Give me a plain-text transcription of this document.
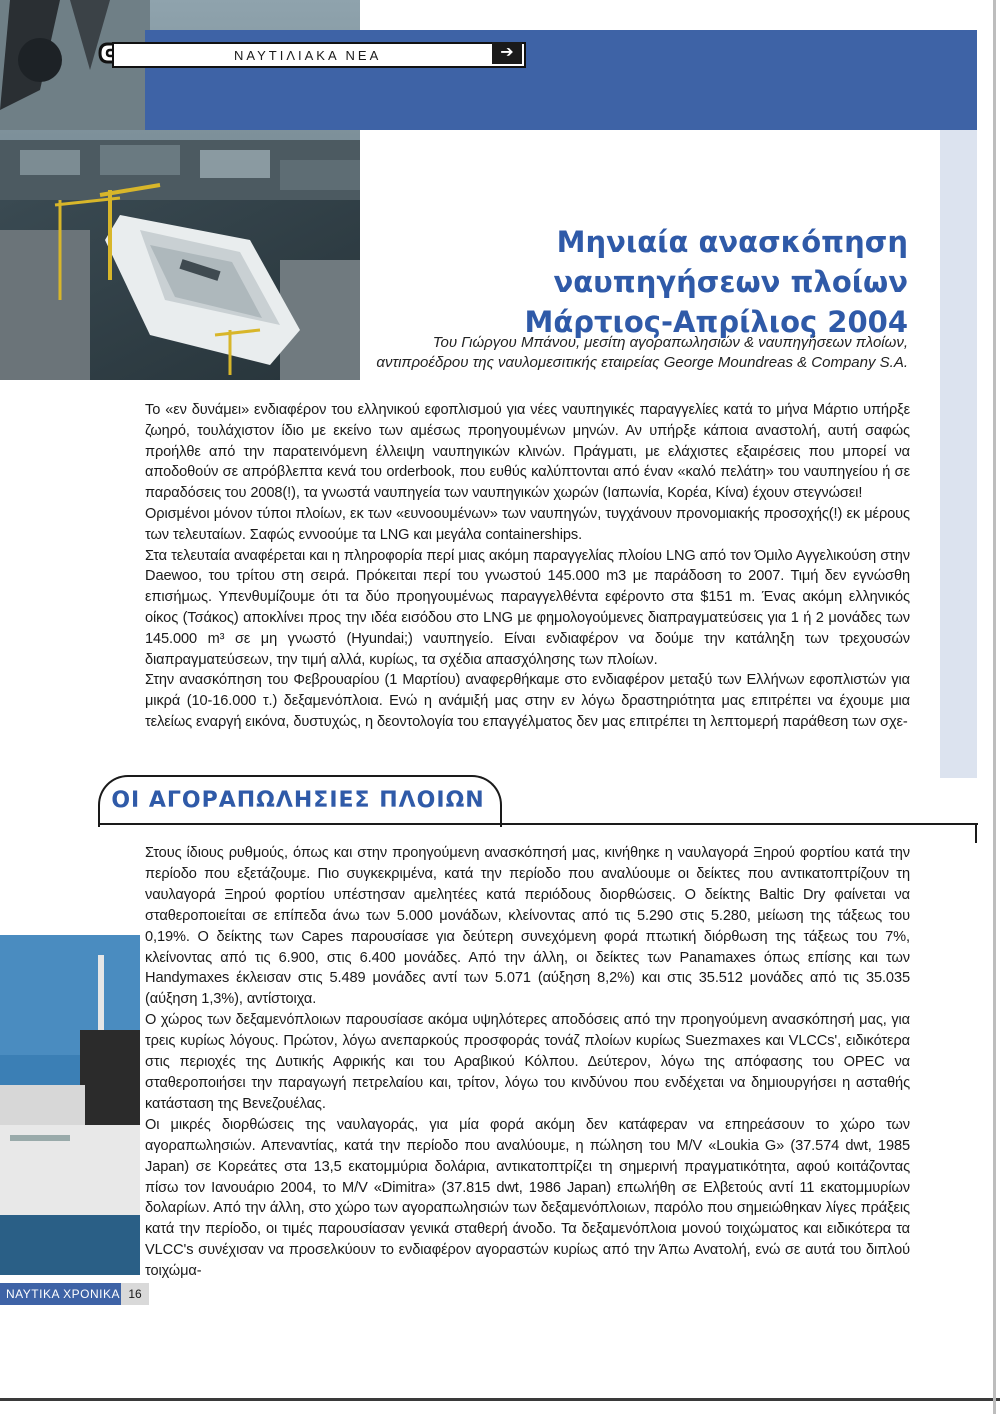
ΝΑΥΤΙΛΙΑΚΑ ΝΕΑ	➔
Μηνιαία ανασκόπηση ναυπηγήσεων πλοίων
Μάρτιος-Απρίλιος 2004
Του Γιώργου Μπάνου, μεσίτη αγοραπωλησιών & ναυπηγήσεων πλοίων,
αντιπροέδρου της ναυλομεσιτικής εταιρείας George Moundreas & Company S.A.

Το «εν δυνάμει» ενδιαφέρον του ελληνικού εφοπλισμού για νέες ναυπηγικές παραγγελίες κατά το μήνα Μάρτιο υπήρξε ζωηρό, τουλάχιστον ίδιο με εκείνο των αμέσως προηγουμένων μηνών. Αν υπήρξε κάποια αναστολή, αυτή σαφώς προήλθε από την παρατεινόμενη έλλειψη ναυπηγικών κλινών. Πράγματι, με ελάχιστες εξαιρέσεις που μπορεί να αποδοθούν σε απρόβλεπτα κενά του orderbook, που ευθύς καλύπτονται από έναν «καλό πελάτη» του ναυπηγείου ή σε παραδόσεις του 2008(!), τα γνωστά ναυπηγεία των ναυπηγικών χωρών (Ιαπωνία, Κορέα, Κίνα) έχουν στεγνώσει!

Ορισμένοι μόνον τύποι πλοίων, εκ των «ευνοουμένων» των ναυπηγών, τυγχάνουν προνομιακής προσοχής(!) εκ μέρους των τελευταίων. Σαφώς εννοούμε τα LNG και μεγάλα containerships.

Στα τελευταία αναφέρεται και η πληροφορία περί μιας ακόμη παραγγελίας πλοίου LNG από τον Όμιλο Αγγελικούση στην Daewoo, του τρίτου στη σειρά. Πρόκειται περί του γνωστού 145.000 m3 με παράδοση το 2007. Τιμή δεν εγνώσθη επισήμως. Υπενθυμίζουμε ότι τα δύο προηγουμένως παραγγελθέντα εφέροντο στα $151 m. Ένας ακόμη ελληνικός οίκος (Τσάκος) αποκλίνει προς την ιδέα εισόδου στο LNG με φημολογούμενες διαπραγματεύσεις για 1 ή 2 μονάδες των 145.000 m³ σε μη γνωστό (Hyundai;) ναυπηγείο. Είναι ενδιαφέρον να δούμε την κατάληξη των τρεχουσών διαπραγματεύσεων, την τιμή αλλά, κυρίως, τα σχέδια απασχόλησης των πλοίων.

Στην ανασκόπηση του Φεβρουαρίου (1 Μαρτίου) αναφερθήκαμε στο ενδιαφέρον μεταξύ των Ελλήνων εφοπλιστών για μικρά (10-16.000 τ.) δεξαμενόπλοια. Ενώ η ανάμιξή μας στην εν λόγω δραστηριότητα μας επιτρέπει να έχουμε μια τελείως εναργή εικόνα, δυστυχώς, η δεοντολογία του επαγγέλματος δεν μας επιτρέπει τη λεπτομερή παράθεση των σχε-

ΟΙ ΑΓΟΡΑΠΩΛΗΣΙΕΣ ΠΛΟΙΩΝ

Στους ίδιους ρυθμούς, όπως και στην προηγούμενη ανασκόπησή μας, κινήθηκε η ναυλαγορά Ξηρού φορτίου κατά την περίοδο που εξετάζουμε. Πιο συγκεκριμένα, κατά την περίοδο που αναλύουμε οι δείκτες που αντικατοπτρίζουν τη ναυλαγορά Ξηρού φορτίου υπέστησαν αμελητέες κατά περιόδους διορθώσεις. Ο δείκτης Baltic Dry φαίνεται να σταθεροποιείται σε επίπεδα άνω των 5.000 μονάδων, κλείνοντας από τις 5.290 στις 5.280, μείωση της τάξεως του 0,19%. Ο δείκτης των Capes παρουσίασε για δεύτερη συνεχόμενη φορά πτωτική διόρθωση της τάξεως του 7%, κλείνοντας από τις 6.900, στις 6.400 μονάδες. Από την άλλη, οι δείκτες των Panamaxes όπως επίσης και των Handymaxes έκλεισαν στις 5.489 μονάδες αντί των 5.071 (αύξηση 8,2%) και στις 35.512 μονάδες από τις 35.035 (αύξηση 1,3%), αντίστοιχα.

Ο χώρος των δεξαμενόπλοιων παρουσίασε ακόμα υψηλότερες αποδόσεις από την προηγούμενη ανασκόπησή μας, για τρεις κυρίως λόγους. Πρώτον, λόγω ανεπαρκούς προσφοράς τονάζ πλοίων κυρίως Suezmaxes και VLCCs', ειδικότερα στις περιοχές της Δυτικής Αφρικής και του Αραβικού Κόλπου. Δεύτερον, λόγω της απόφασης του OPEC να σταθεροποιήσει την παραγωγή πετρελαίου και, τρίτον, λόγω του κινδύνου που ενδέχεται να δημιουργήσει η ασταθής κατάσταση της Βενεζουέλας.

Οι μικρές διορθώσεις της ναυλαγοράς, για μία φορά ακόμη δεν κατάφεραν να επηρεάσουν το χώρο των αγοραπωλησιών. Απεναντίας, κατά την περίοδο που αναλύουμε, η πώληση του M/V «Loukia G» (37.574 dwt, 1985 Japan) σε Κορεάτες στα 13,5 εκατομμύρια δολάρια, αντικατοπτρίζει τη σημερινή πραγματικότητα, αφού κοιτάζοντας πίσω τον Ιανουάριο 2004, το M/V «Dimitra» (37.815 dwt, 1986 Japan) επωλήθη σε Ελβετούς αντί 11 εκατομμυρίων δολαρίων. Από την άλλη, στο χώρο των αγοραπωλησιών των δεξαμενόπλοιων, παρόλο που σημειώθηκαν λίγες πράξεις κατά την περίοδο, οι τιμές παρουσίασαν γενικά σταθερή άνοδο. Τα δεξαμενόπλοια μονού τοιχώματος και ειδικότερα τα VLCC's συνέχισαν να προσελκύουν το ενδιαφέρον αγοραστών κυρίως από την Άπω Ανατολή, ενώ σε αυτά του διπλού τοιχώμα-

ΝΑΥΤΙΚΑ ΧΡΟΝΙΚΑ 16
